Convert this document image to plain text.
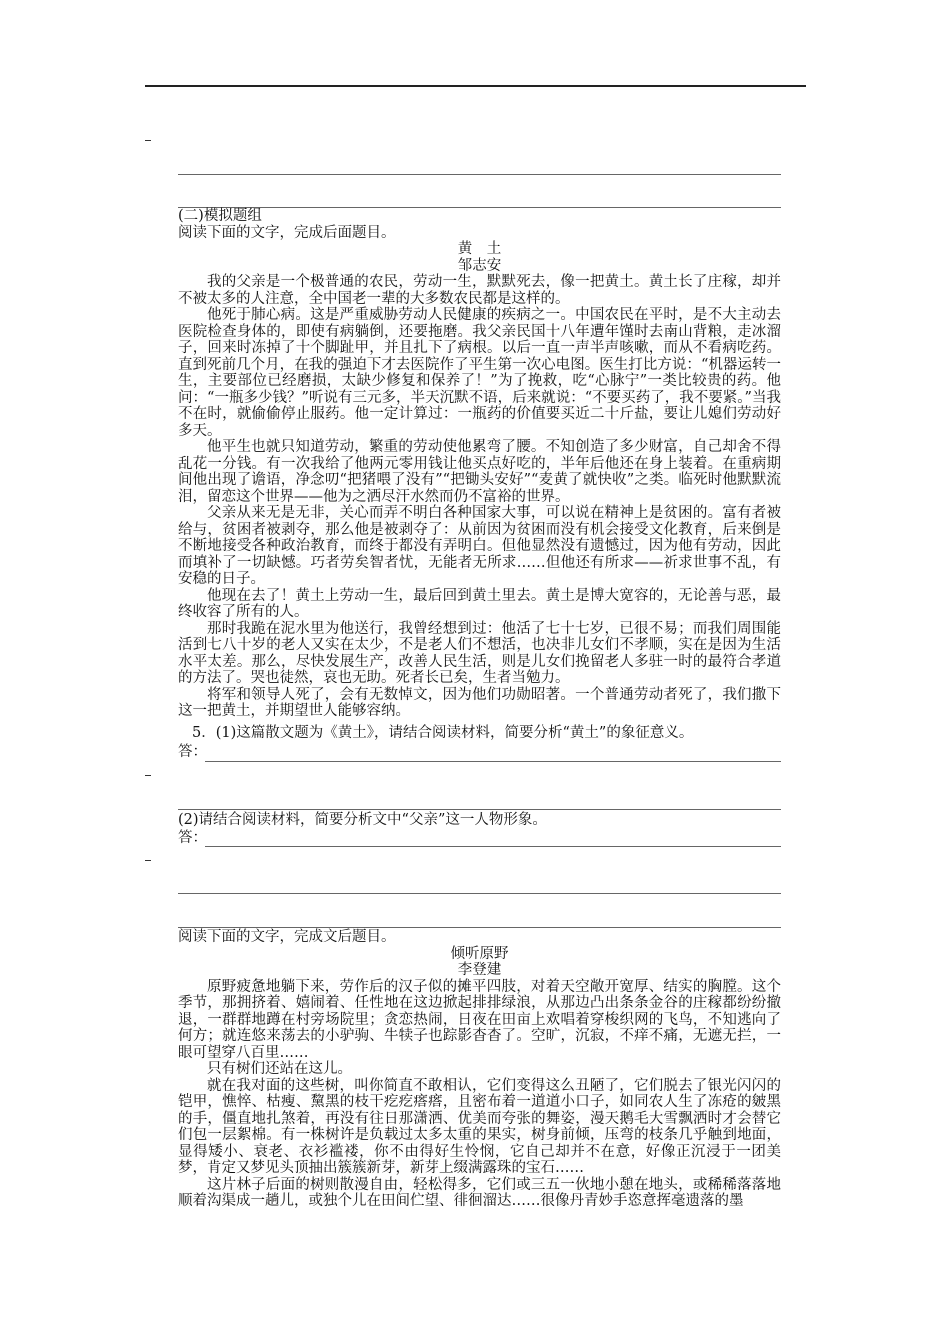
(二)模拟题组

阅读下面的文字，完成后面题目。

黄　土

邹志安

我的父亲是一个极普通的农民，劳动一生，默默死去，像一把黄土。黄土长了庄稼，却并不被太多的人注意，全中国老一辈的大多数农民都是这样的。

他死于肺心病。这是严重威胁劳动人民健康的疾病之一。中国农民在平时，是不大主动去医院检查身体的，即使有病躺倒，还要拖磨。我父亲民国十八年遭年馑时去南山背粮，走冰溜子，回来时冻掉了十个脚趾甲，并且扎下了病根。以后一直一声半声咳嗽，而从不看病吃药。直到死前几个月，在我的强迫下才去医院作了平生第一次心电图。医生打比方说：“机器运转一生，主要部位已经磨损，太缺少修复和保养了！”为了挽救，吃“心脉宁”一类比较贵的药。他问：“一瓶多少钱？”听说有三元多，半天沉默不语，后来就说：“不要买药了，我不要紧。”当我不在时，就偷偷停止服药。他一定计算过：一瓶药的价值要买近二十斤盐，要让儿媳们劳动好多天。

他平生也就只知道劳动，繁重的劳动使他累弯了腰。不知创造了多少财富，自己却舍不得乱花一分钱。有一次我给了他两元零用钱让他买点好吃的，半年后他还在身上装着。在重病期间他出现了谵语，净念叨“把猪喂了没有”“把锄头安好”“麦黄了就快收”之类。临死时他默默流泪，留恋这个世界——他为之洒尽汗水然而仍不富裕的世界。

父亲从来无是无非，关心而弄不明白各种国家大事，可以说在精神上是贫困的。富有者被给与，贫困者被剥夺，那么他是被剥夺了：从前因为贫困而没有机会接受文化教育，后来倒是不断地接受各种政治教育，而终于都没有弄明白。但他显然没有遗憾过，因为他有劳动，因此而填补了一切缺憾。巧者劳矣智者忧，无能者无所求……但他还有所求——祈求世事不乱，有安稳的日子。

他现在去了！黄土上劳动一生，最后回到黄土里去。黄土是博大宽容的，无论善与恶，最终收容了所有的人。

那时我跪在泥水里为他送行，我曾经想到过：他活了七十七岁，已很不易；而我们周围能活到七八十岁的老人又实在太少，不是老人们不想活，也决非儿女们不孝顺，实在是因为生活水平太差。那么，尽快发展生产，改善人民生活，则是儿女们挽留老人多驻一时的最符合孝道的方法了。哭也徒然，哀也无助。死者长已矣，生者当勉力。

将军和领导人死了，会有无数悼文，因为他们功勋昭著。一个普通劳动者死了，我们撒下这一把黄土，并期望世人能够容纳。

5．(1)这篇散文题为《黄土》，请结合阅读材料，简要分析“黄土”的象征意义。

答：

(2)请结合阅读材料，简要分析文中“父亲”这一人物形象。

答：

阅读下面的文字，完成文后题目。

倾听原野

李登建

原野疲惫地躺下来，劳作后的汉子似的摊平四肢，对着天空敞开宽厚、结实的胸膛。这个季节，那拥挤着、嬉闹着、任性地在这边掀起排排绿浪，从那边凸出条条金谷的庄稼都纷纷撤退，一群群地蹲在村旁场院里；贪恋热闹，日夜在田亩上欢唱着穿梭织网的飞鸟，不知逃向了何方；就连悠来荡去的小驴驹、牛犊子也踪影杳杳了。空旷，沉寂，不痒不痛，无遮无拦，一眼可望穿八百里……

只有树们还站在这儿。

就在我对面的这些树，叫你简直不敢相认，它们变得这么丑陋了，它们脱去了银光闪闪的铠甲，憔悴、枯瘦、黧黑的枝干疙疙瘩瘩，且密布着一道道小口子，如同农人生了冻疮的皴黑的手，僵直地扎煞着，再没有往日那潇洒、优美而夸张的舞姿，漫天鹅毛大雪飘洒时才会替它们包一层絮棉。有一株树许是负载过太多太重的果实，树身前倾，压弯的枝条几乎触到地面，显得矮小、衰老、衣衫褴褛，你不由得好生怜悯，它自己却并不在意，好像正沉浸于一团美梦，肯定又梦见头顶抽出簇簇新芽，新芽上缀满露珠的宝石……

这片林子后面的树则散漫自由，轻松得多，它们或三五一伙地小憩在地头，或稀稀落落地顺着沟渠成一趟儿，或独个儿在田间伫望、徘徊溜达……很像丹青妙手恣意挥毫遗落的墨
